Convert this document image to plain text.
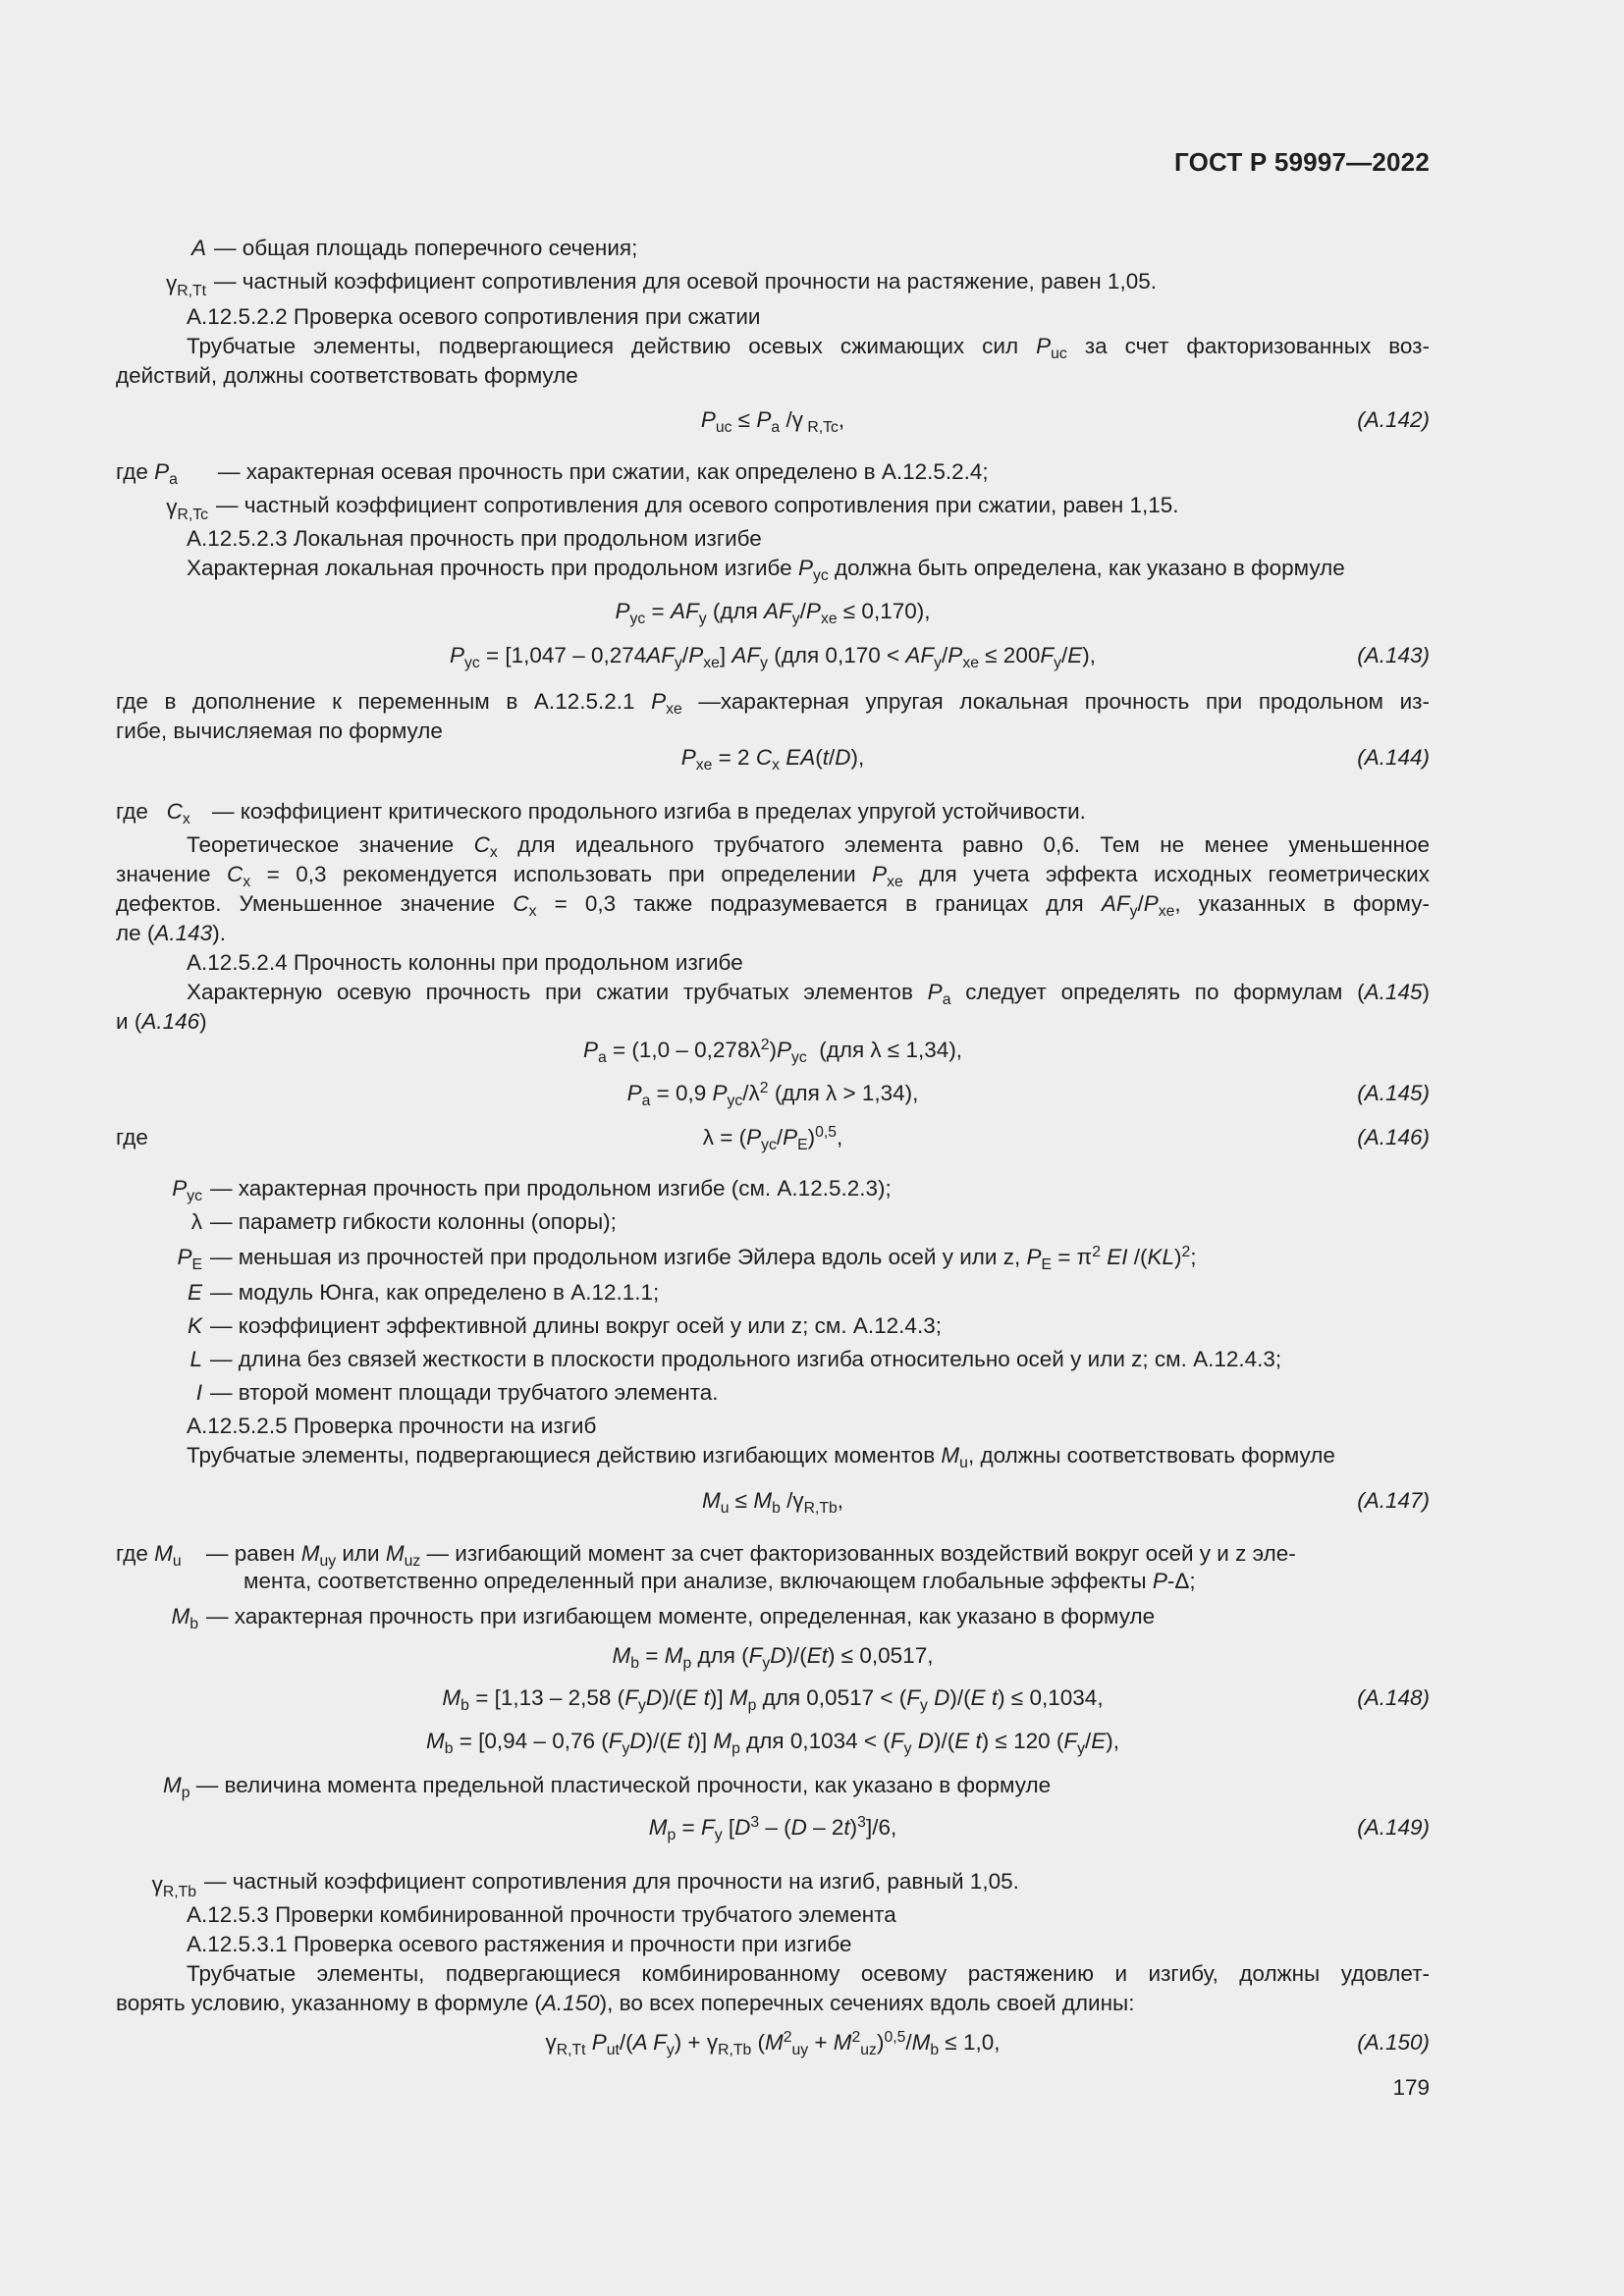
ГОСТ Р 59997—2022
A — общая площадь поперечного сечения;
$\gamma_{R,Tt}$ — частный коэффициент сопротивления для осевой прочности на растяжение, равен 1,05.
А.12.5.2.2 Проверка осевого сопротивления при сжатии
Трубчатые элементы, подвергающиеся действию осевых сжимающих сил $P_{uc}$ за счет факторизованных воз-
действий, должны соответствовать формуле
$P_{uc} \le P_a$ /γ $_{R,Tc}$,	(A.142)
где $P_a$ — характерная осевая прочность при сжатии, как определено в А.12.5.2.4;
$\gamma_{R,Tc}$ — частный коэффициент сопротивления для осевого сопротивления при сжатии, равен 1,15.
А.12.5.2.3 Локальная прочность при продольном изгибе
Характерная локальная прочность при продольном изгибе $P_{yc}$ должна быть определена, как указано в формуле
$P_{yc} = AF_y$ (для $AF_y/P_{xe} \le 0,170$),
$P_{yc} = [1,047 - 0,274AF_y/P_{xe}]$ $AF_y$ (для $0,170 < AF_y/P_{xe} \le 200F_y/E$),	(A.143)
где в дополнение к переменным в А.12.5.2.1 $P_{xe}$ —характерная упругая локальная прочность при продольном из-
гибе, вычисляемая по формуле
$P_{xe} = 2$ $C_x$ EA(t/D),	(A.144)
где $C_x$ — коэффициент критического продольного изгиба в пределах упругой устойчивости.
Теоретическое значение $C_x$ для идеального трубчатого элемента равно 0,6. Тем не менее уменьшенное
значение $C_x = 0,3$ рекомендуется использовать при определении $P_{xe}$ для учета эффекта исходных геометрических
дефектов. Уменьшенное значение $C_x = 0,3$ также подразумевается в границах для $AF_y/P_{xe}$, указанных в форму-
ле (A.143).
А.12.5.2.4 Прочность колонны при продольном изгибе
Характерную осевую прочность при сжатии трубчатых элементов $P_a$ следует определять по формулам (A.145)
и (A.146)
$P_a = (1,0 - 0,278\lambda^2)P_{yc}$  (для λ ≤ 1,34),
$P_a = 0,9$ $P_{yc}/\lambda^2$ (для λ > 1,34),	(A.145)
где	$\lambda = (P_{yc}/P_E)^{0,5}$,	(A.146)
$P_{yc}$ — характерная прочность при продольном изгибе (см. А.12.5.2.3);
λ — параметр гибкости колонны (опоры);
$P_E$ — меньшая из прочностей при продольном изгибе Эйлера вдоль осей y или z, $P_E = \pi^2$ EI /(KL)$^2$;
E — модуль Юнга, как определено в А.12.1.1;
K — коэффициент эффективной длины вокруг осей y или z; см. А.12.4.3;
L — длина без связей жесткости в плоскости продольного изгиба относительно осей y или z; см. А.12.4.3;
I — второй момент площади трубчатого элемента.
А.12.5.2.5 Проверка прочности на изгиб
Трубчатые элементы, подвергающиеся действию изгибающих моментов $M_u$, должны соответствовать формуле
$M_u \le M_b$ $/\gamma_{R,Tb}$,	(A.147)
где $M_u$ — равен $M_{uy}$ или $M_{uz}$ — изгибающий момент за счет факторизованных воздействий вокруг осей y и z эле-
мента, соответственно определенный при анализе, включающем глобальные эффекты P-Δ;
$M_b$ — характерная прочность при изгибающем моменте, определенная, как указано в формуле
$M_b = M_p$ для $(F_yD)/(Et) \le 0,0517$,
$M_b = [1,13 - 2,58$ $(F_yD)/(E$ t)] $M_p$ для $0,0517 < (F_y$ D)/(E t) ≤ 0,1034,	(A.148)
$M_b = [0,94 - 0,76$ $(F_yD)/(E$ t)] $M_p$ для $0,1034 < (F_y$ D)/(E t) ≤ 120 $(F_y/E)$,
$M_p$ — величина момента предельной пластической прочности, как указано в формуле
$M_p = F_y$ $[D^3 - (D - 2t)^3]/6$,	(A.149)
$\gamma_{R,Tb}$ — частный коэффициент сопротивления для прочности на изгиб, равный 1,05.
А.12.5.3 Проверки комбинированной прочности трубчатого элемента
А.12.5.3.1 Проверка осевого растяжения и прочности при изгибе
Трубчатые элементы, подвергающиеся комбинированному осевому растяжению и изгибу, должны удовлет-
ворять условию, указанному в формуле (A.150), во всех поперечных сечениях вдоль своей длины:
$\gamma_{R,Tt}$ $P_{ut}/(A$ $F_y) + \gamma_{R,Tb}$ $(M^2_{uy} + M^2_{uz})^{0,5}/M_b \le 1,0$,	(A.150)
179
